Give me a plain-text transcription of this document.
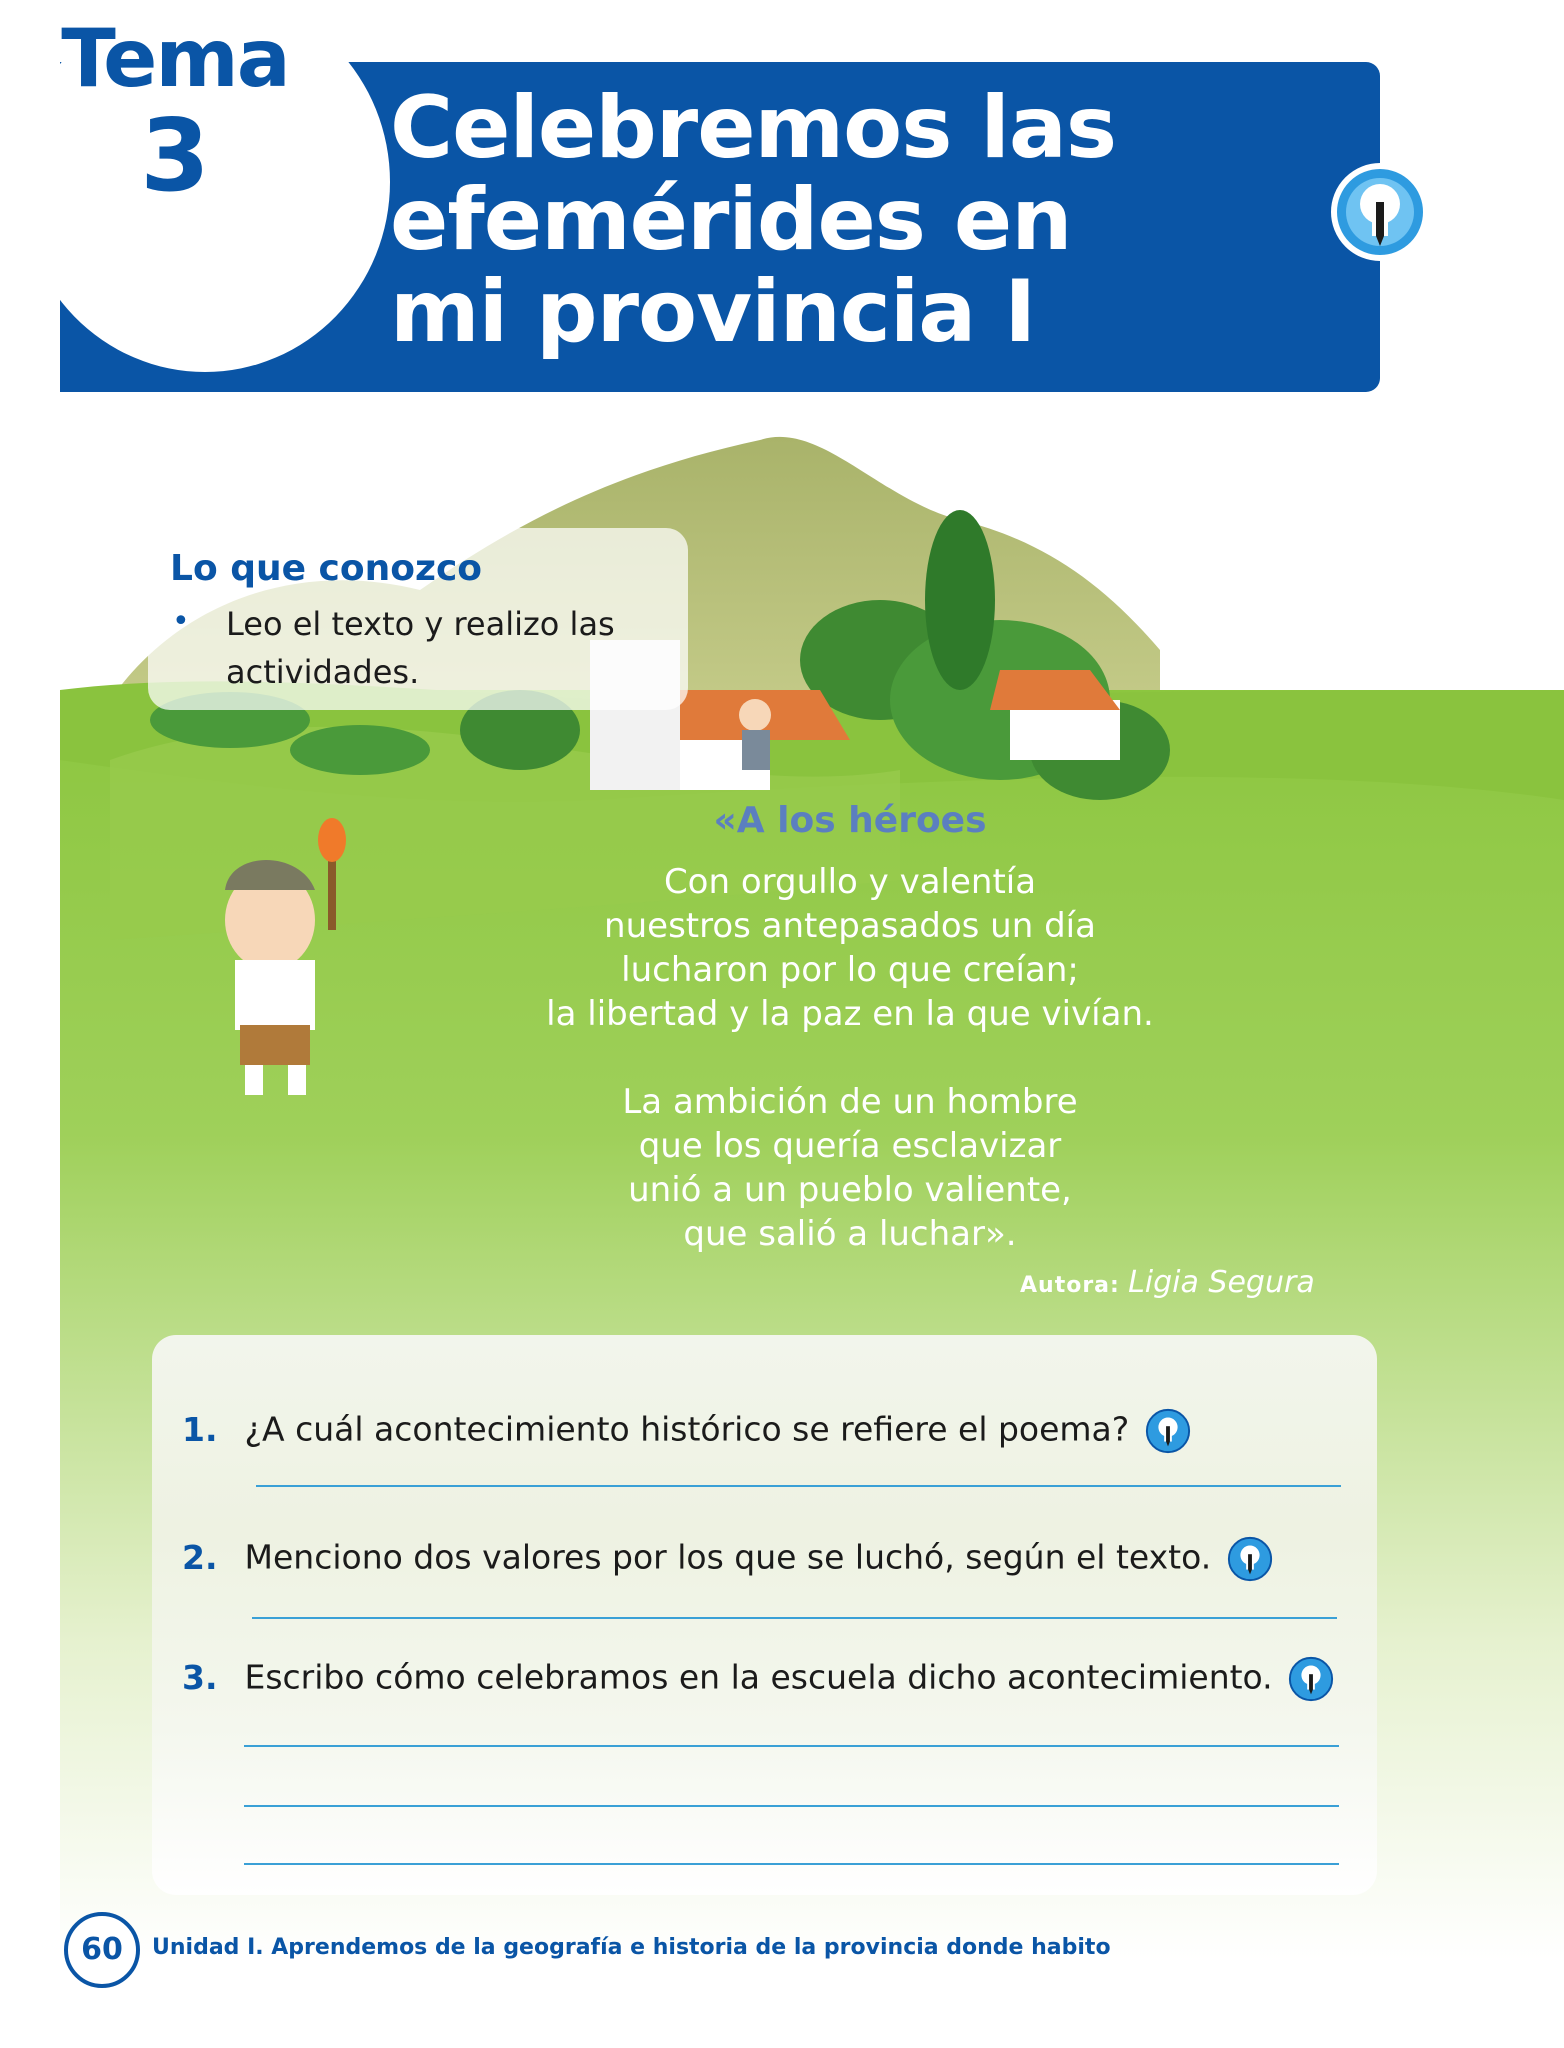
Tema
3	Celebremos las
efemérides en
mi provincia I
Lo que conozco
• Leo el texto y realizo las actividades.
«A los héroes
Con orgullo y valentía
nuestros antepasados un día
lucharon por lo que creían;
la libertad y la paz en la que vivían.
La ambición de un hombre
que los quería esclavizar
unió a un pueblo valiente,
que salió a luchar».
Autora: Ligia Segura
1. ¿A cuál acontecimiento histórico se refiere el poema?
2. Menciono dos valores por los que se luchó, según el texto.
3. Escribo cómo celebramos en la escuela dicho acontecimiento.
60	Unidad I. Aprendemos de la geografía e historia de la provincia donde habito
